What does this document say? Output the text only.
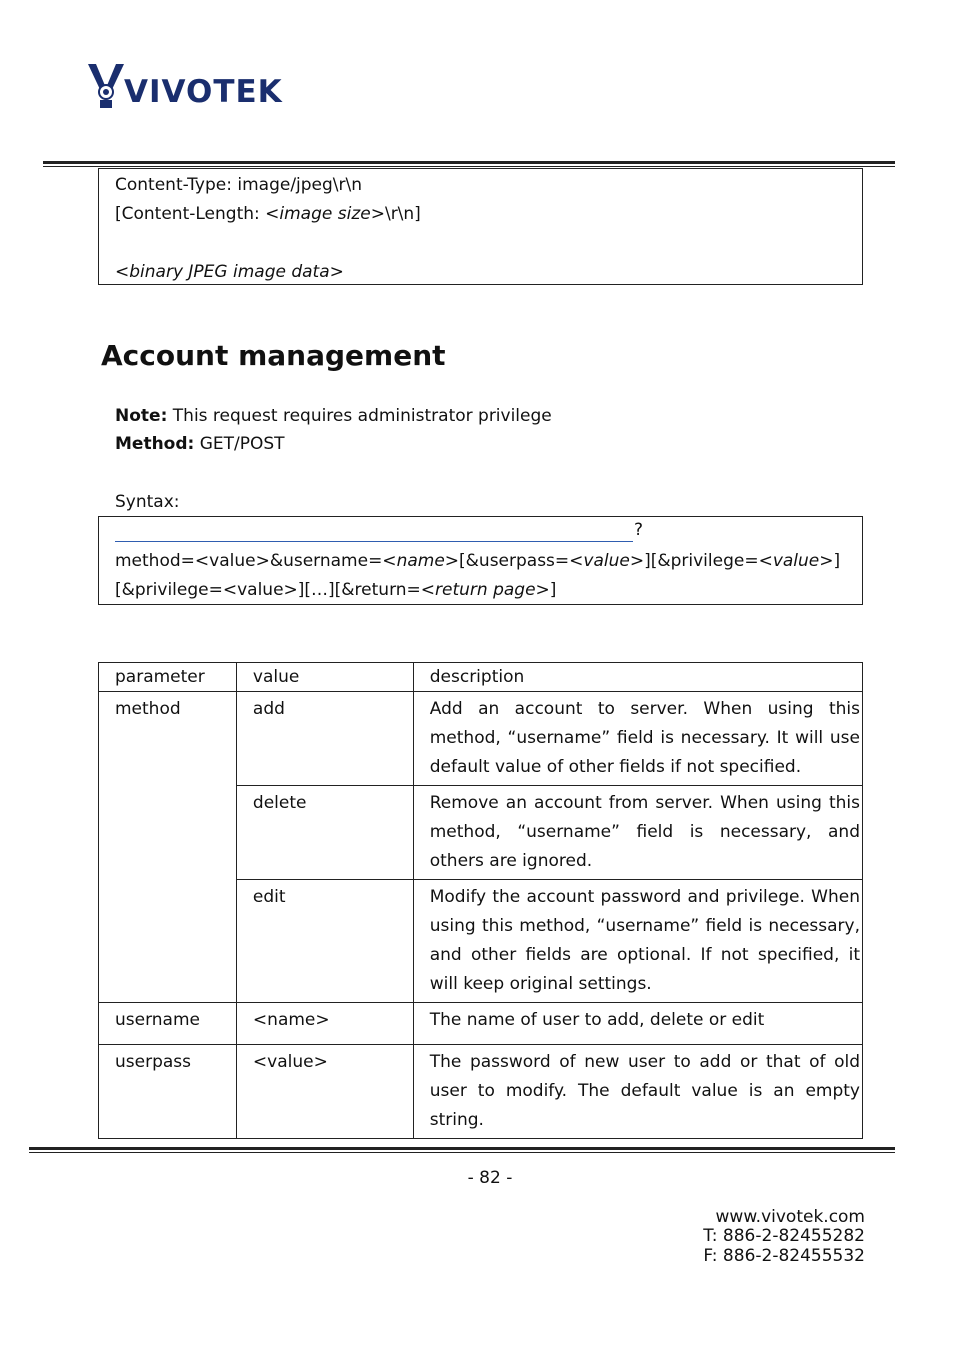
VIVOTEK
Content-Type: image/jpeg\r\n
[Content-Length: <image size>\r\n]
<binary JPEG image data>
Account management
Note: This request requires administrator privilege
Method: GET/POST
Syntax:
?
method=<value>&username=<name>[&userpass=<value>][&privilege=<value>]
[&privilege=<value>][…][&return=<return page>]
parameter	value	description
method	add	Add an account to server. When using this method, “username” field is necessary. It will use default value of other fields if not specified.
	delete	Remove an account from server. When using this method, “username” field is necessary, and others are ignored.
	edit	Modify the account password and privilege. When using this method, “username” field is necessary, and other fields are optional. If not specified, it will keep original settings.
username	<name>	The name of user to add, delete or edit
userpass	<value>	The password of new user to add or that of old user to modify. The default value is an empty string.
- 82 -
www.vivotek.com
T: 886-2-82455282
F: 886-2-82455532
